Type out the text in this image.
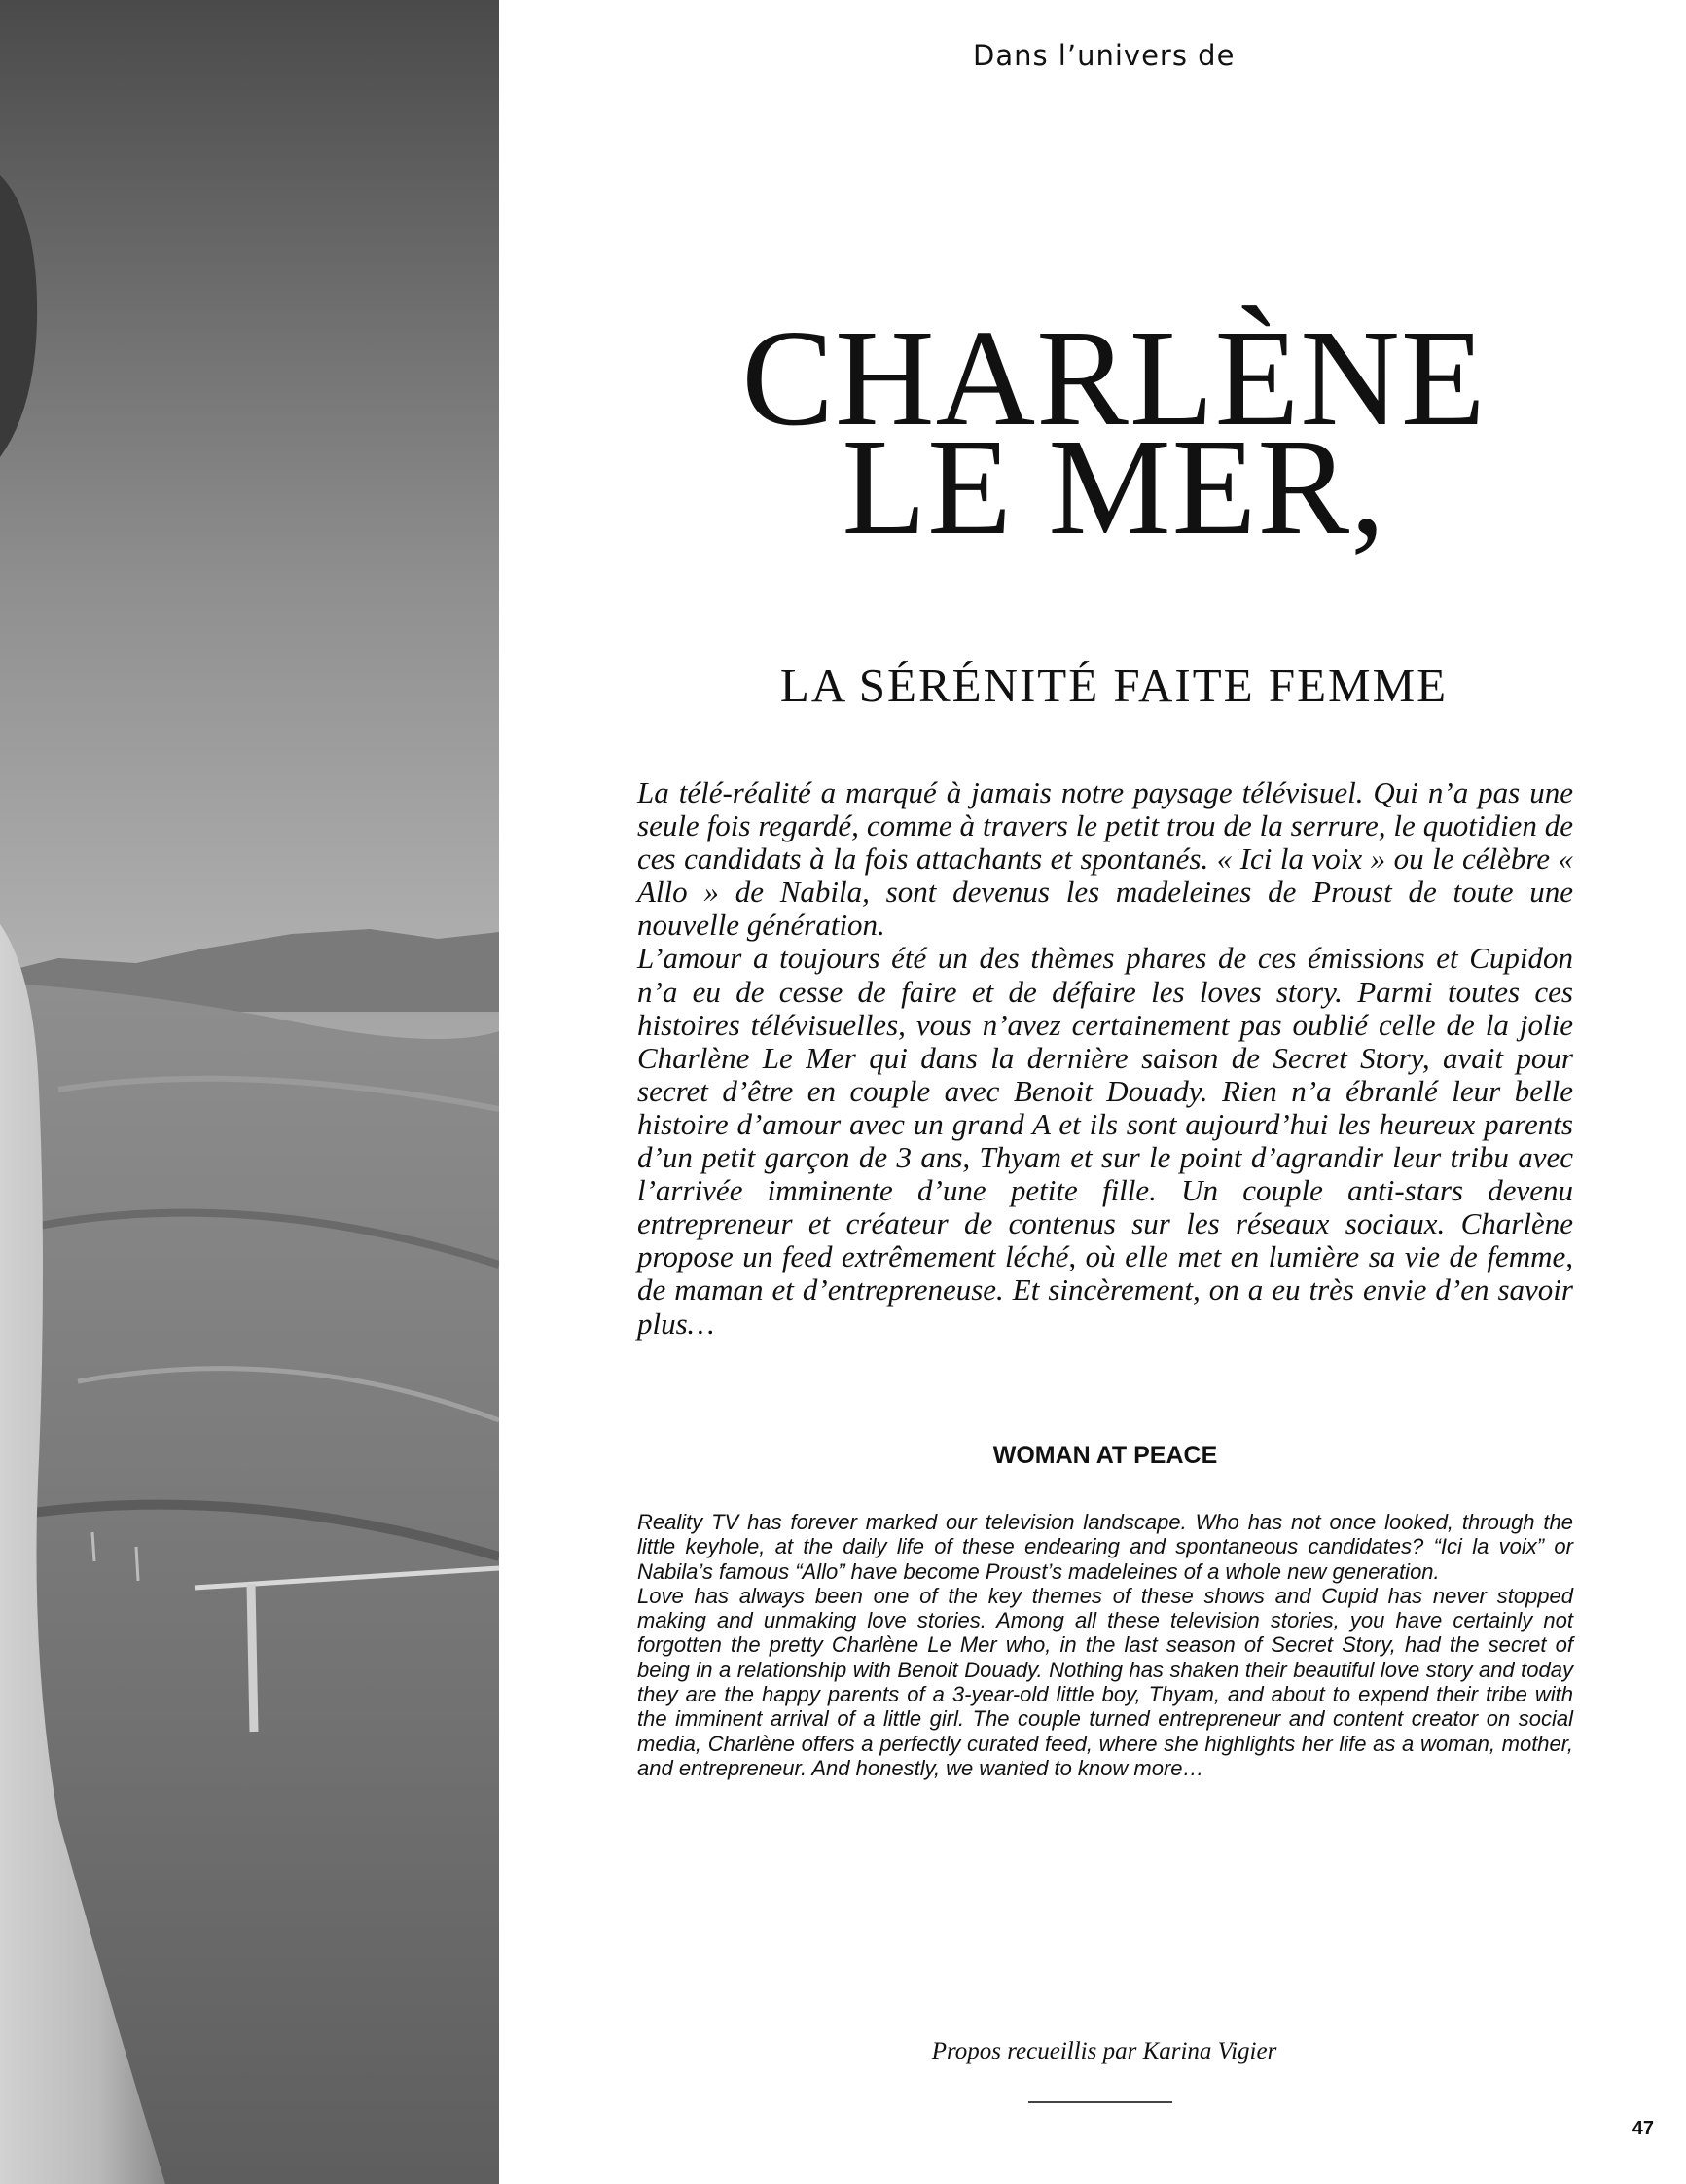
Dans l’univers de
CHARLÈNE
LE MER,
LA SÉRÉNITÉ FAITE FEMME

La télé-réalité a marqué à jamais notre paysage télévisuel. Qui n’a pas une seule fois regardé, comme à travers le petit trou de la serrure, le quotidien de ces candidats à la fois attachants et spontanés. « Ici la voix » ou le célèbre « Allo » de Nabila, sont devenus les madeleines de Proust de toute une nouvelle génération.

L’amour a toujours été un des thèmes phares de ces émissions et Cupidon n’a eu de cesse de faire et de défaire les loves story. Parmi toutes ces histoires télévisuelles, vous n’avez certainement pas oublié celle de la jolie Charlène Le Mer qui dans la dernière saison de Secret Story, avait pour secret d’être en couple avec Benoit Douady. Rien n’a ébranlé leur belle histoire d’amour avec un grand A et ils sont aujourd’hui les heureux parents d’un petit garçon de 3 ans, Thyam et sur le point d’agrandir leur tribu avec l’arrivée imminente d’une petite fille. Un couple anti-stars devenu entrepreneur et créateur de contenus sur les réseaux sociaux. Charlène propose un feed extrêmement léché, où elle met en lumière sa vie de femme, de maman et d’entrepreneuse. Et sincèrement, on a eu très envie d’en savoir plus…

WOMAN AT PEACE

Reality TV has forever marked our television landscape. Who has not once looked, through the little keyhole, at the daily life of these endearing and spontaneous candidates? “Ici la voix” or Nabila’s famous “Allo” have become Proust’s madeleines of a whole new generation.

Love has always been one of the key themes of these shows and Cupid has never stopped making and unmaking love stories. Among all these television stories, you have certainly not forgotten the pretty Charlène Le Mer who, in the last season of Secret Story, had the secret of being in a relationship with Benoit Douady. Nothing has shaken their beautiful love story and today they are the happy parents of a 3-year-old little boy, Thyam, and about to expend their tribe with the imminent arrival of a little girl. The couple turned entrepreneur and content creator on social media, Charlène offers a perfectly curated feed, where she highlights her life as a woman, mother, and entrepreneur. And honestly, we wanted to know more…

Propos recueillis par Karina Vigier
47
